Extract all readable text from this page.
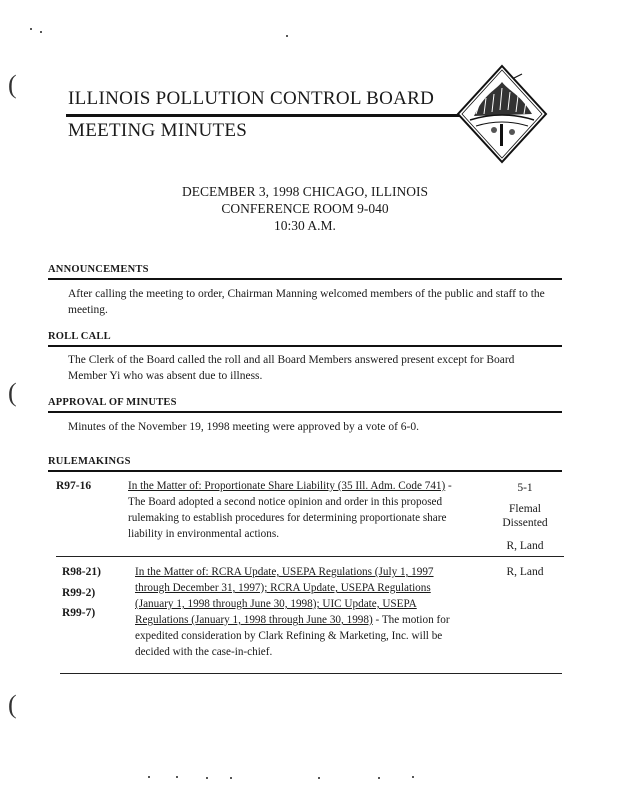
(
(
(
ILLINOIS POLLUTION CONTROL BOARD
MEETING MINUTES
DECEMBER 3, 1998 CHICAGO, ILLINOIS
CONFERENCE ROOM 9-040
10:30 A.M.
ANNOUNCEMENTS
After calling the meeting to order, Chairman Manning welcomed members of the public and staff to the meeting.
ROLL CALL
The Clerk of the Board called the roll and all Board Members answered present except for Board Member Yi who was absent due to illness.
APPROVAL OF MINUTES
Minutes of the November 19, 1998 meeting were approved by a vote of 6-0.
RULEMAKINGS
R97-16	In the Matter of: Proportionate Share Liability (35 Ill. Adm. Code 741) - The Board adopted a second notice opinion and order in this proposed rulemaking to establish procedures for determining proportionate share liability in environmental actions.
5-1
Flemal
Dissented
R, Land
R98-21)
R99-2)
R99-7)
In the Matter of: RCRA Update, USEPA Regulations (July 1, 1997 through December 31, 1997); RCRA Update, USEPA Regulations (January 1, 1998 through June 30, 1998); UIC Update, USEPA Regulations (January 1, 1998 through June 30, 1998) - The motion for expedited consideration by Clark Refining & Marketing, Inc. will be decided with the case-in-chief.
R, Land
